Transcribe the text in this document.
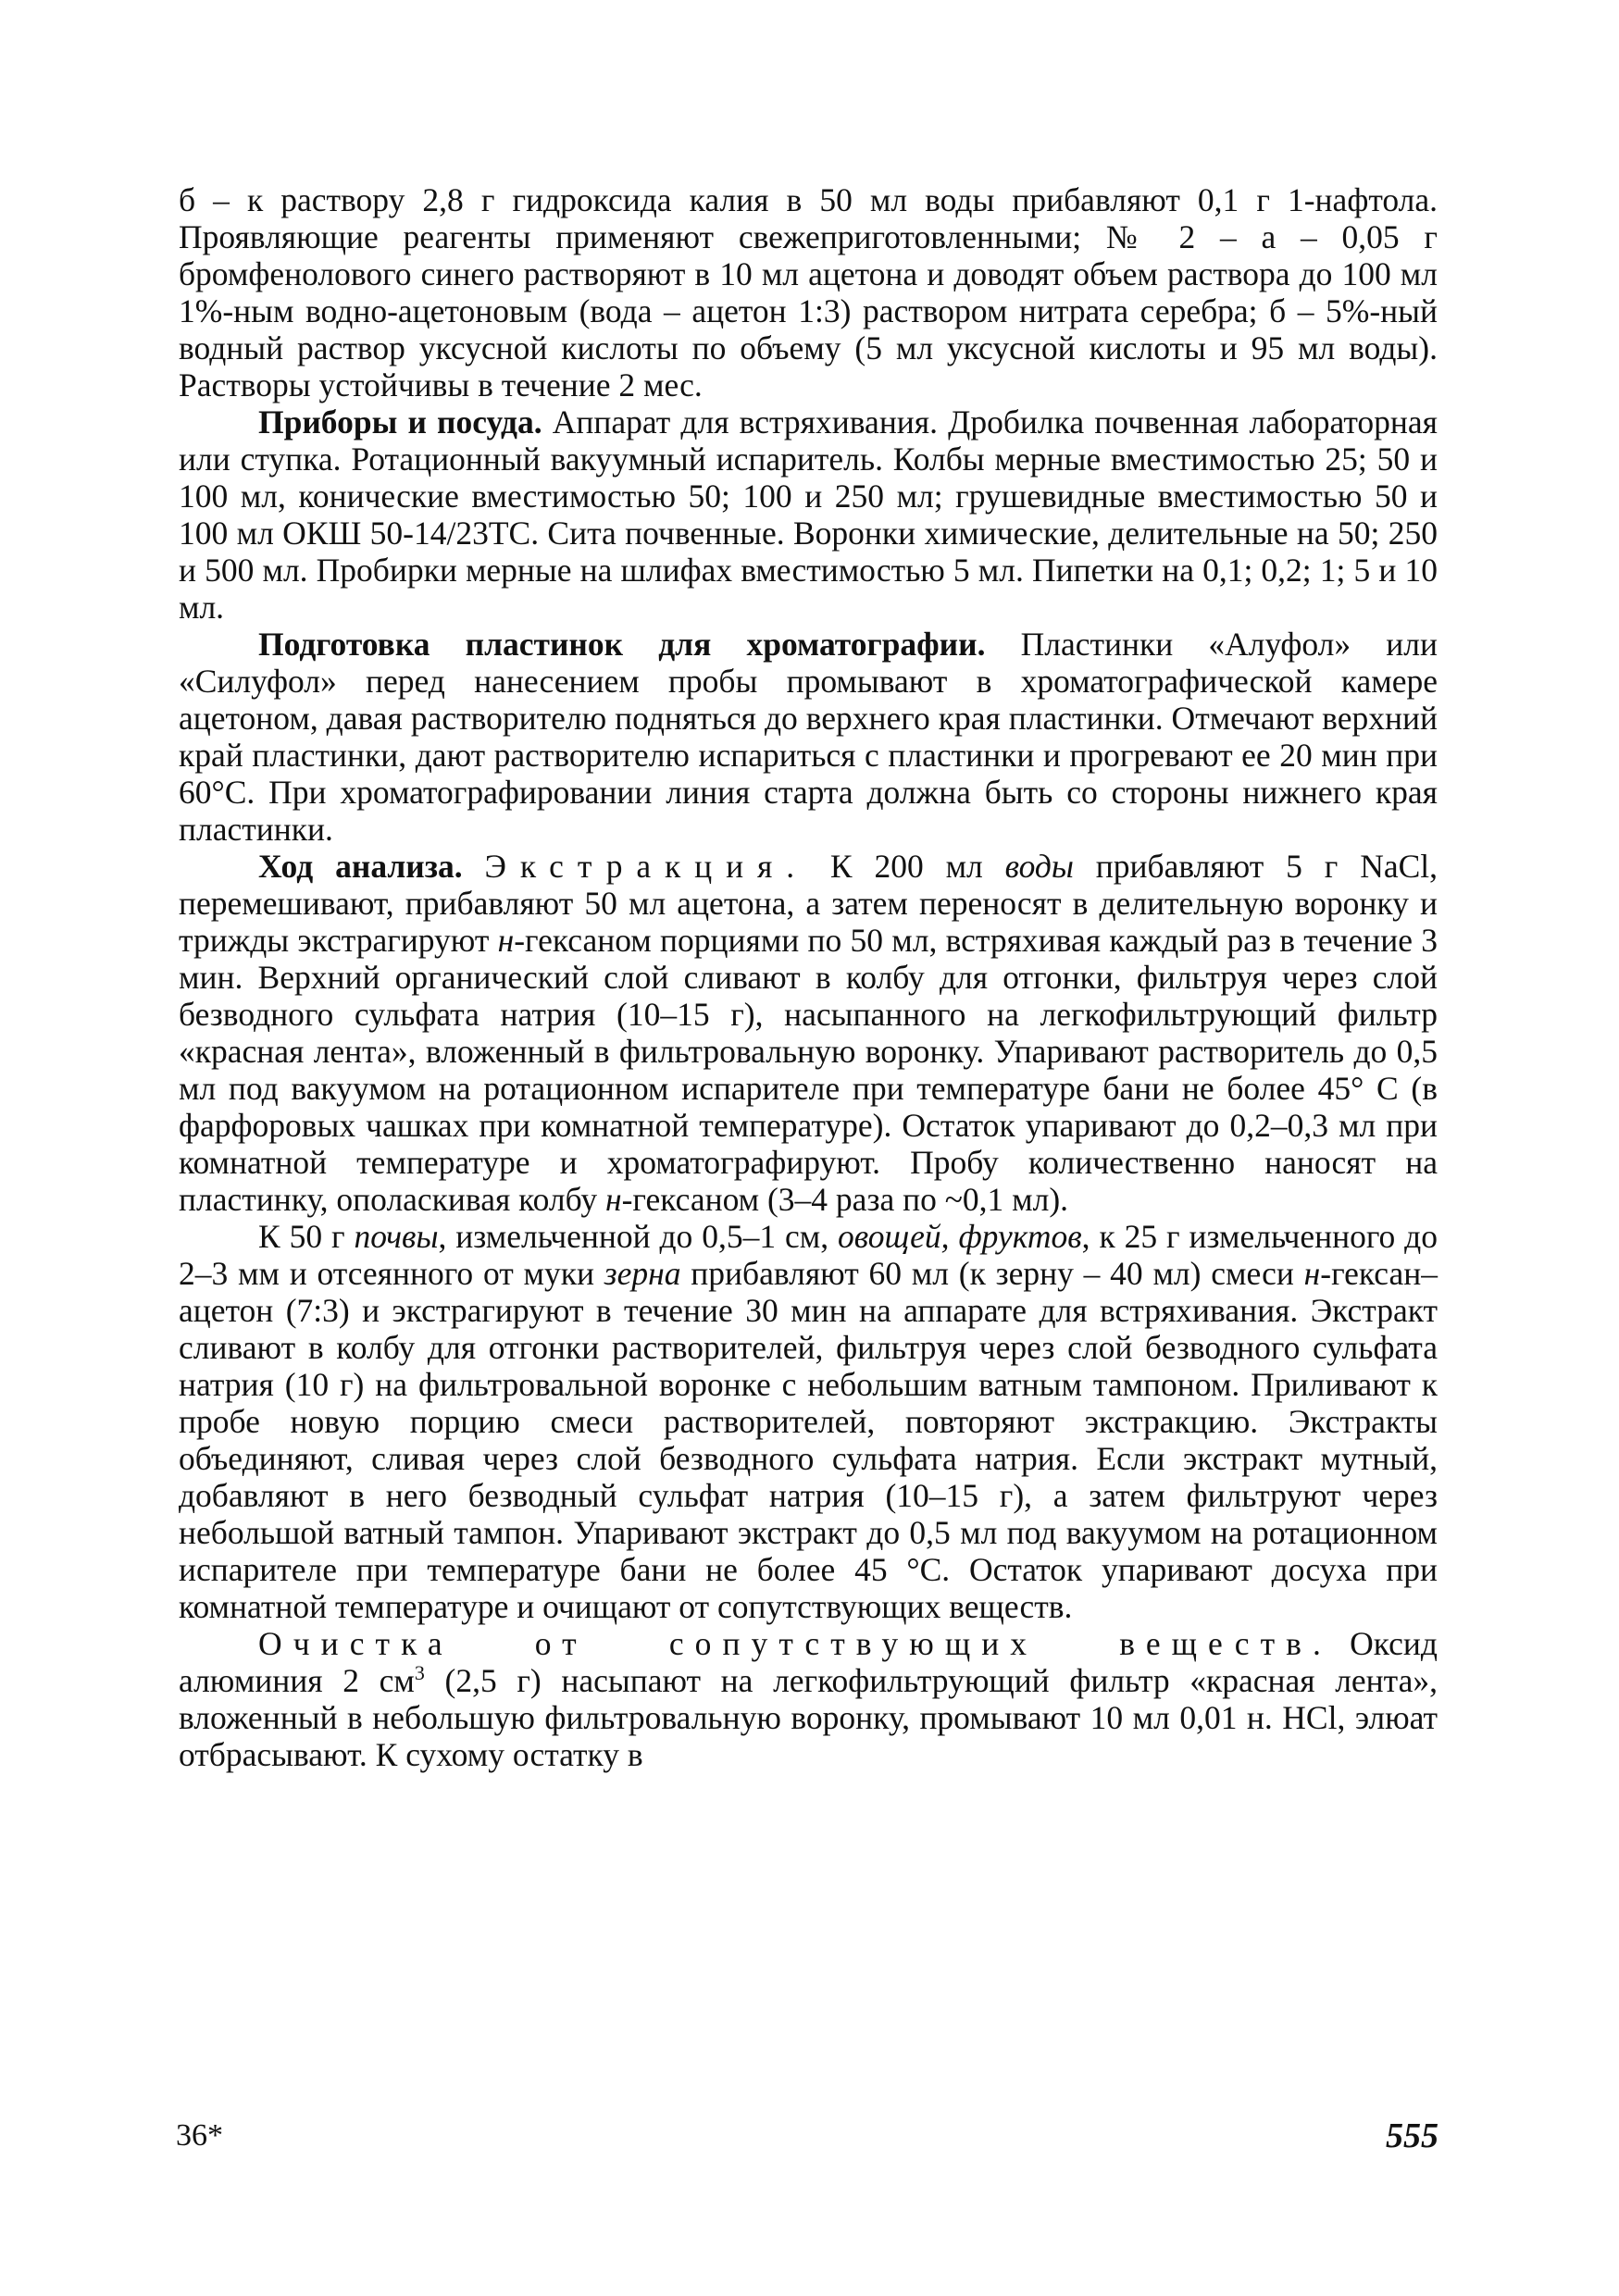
б – к раствору 2,8 г гидроксида калия в 50 мл воды прибавляют 0,1 г 1-нафтола. Проявляющие реагенты применяют свежеприготовленными; № 2 – а – 0,05 г бромфенолового синего растворяют в 10 мл ацетона и доводят объем раствора до 100 мл 1%-ным водно-ацетоновым (вода – ацетон 1:3) раствором нитрата серебра; б – 5%-ный водный раствор уксусной кислоты по объему (5 мл уксусной кислоты и 95 мл воды). Растворы устойчивы в течение 2 мес.

Приборы и посуда. Аппарат для встряхивания. Дробилка почвенная лабораторная или ступка. Ротационный вакуумный испаритель. Колбы мерные вместимостью 25; 50 и 100 мл, конические вместимостью 50; 100 и 250 мл; грушевидные вместимостью 50 и 100 мл ОКШ 50-14/23ТС. Сита почвенные. Воронки химические, делительные на 50; 250 и 500 мл. Пробирки мерные на шлифах вместимостью 5 мл. Пипетки на 0,1; 0,2; 1; 5 и 10 мл.

Подготовка пластинок для хроматографии. Пластинки «Алуфол» или «Силуфол» перед нанесением пробы промывают в хроматографической камере ацетоном, давая растворителю подняться до верхнего края пластинки. Отмечают верхний край пластинки, дают растворителю испариться с пластинки и прогревают ее 20 мин при 60°С. При хроматографировании линия старта должна быть со стороны нижнего края пластинки.

Ход анализа. Экстракция. К 200 мл воды прибавляют 5 г NaCl, перемешивают, прибавляют 50 мл ацетона, а затем переносят в делительную воронку и трижды экстрагируют н-гексаном порциями по 50 мл, встряхивая каждый раз в течение 3 мин. Верхний органический слой сливают в колбу для отгонки, фильтруя через слой безводного сульфата натрия (10–15 г), насыпанного на легкофильтрующий фильтр «красная лента», вложенный в фильтровальную воронку. Упаривают растворитель до 0,5 мл под вакуумом на ротационном испарителе при температуре бани не более 45° С (в фарфоровых чашках при комнатной температуре). Остаток упаривают до 0,2–0,3 мл при комнатной температуре и хроматографируют. Пробу количественно наносят на пластинку, ополаскивая колбу н-гексаном (3–4 раза по ~0,1 мл).

К 50 г почвы, измельченной до 0,5–1 см, овощей, фруктов, к 25 г измельченного до 2–3 мм и отсеянного от муки зерна прибавляют 60 мл (к зерну – 40 мл) смеси н-гексан–ацетон (7:3) и экстрагируют в течение 30 мин на аппарате для встряхивания. Экстракт сливают в колбу для отгонки растворителей, фильтруя через слой безводного сульфата натрия (10 г) на фильтровальной воронке с небольшим ватным тампоном. Приливают к пробе новую порцию смеси растворителей, повторяют экстракцию. Экстракты объединяют, сливая через слой безводного сульфата натрия. Если экстракт мутный, добавляют в него безводный сульфат натрия (10–15 г), а затем фильтруют через небольшой ватный тампон. Упаривают экстракт до 0,5 мл под вакуумом на ротационном испарителе при температуре бани не более 45 °С. Остаток упаривают досуха при комнатной температуре и очищают от сопутствующих веществ.

Очистка от сопутствующих веществ. Оксид алюминия 2 $см^3$ (2,5 г) насыпают на легкофильтрующий фильтр «красная лента», вложенный в небольшую фильтровальную воронку, промывают 10 мл 0,01 н. HCl, элюат отбрасывают. К сухому остатку в

36*	555
